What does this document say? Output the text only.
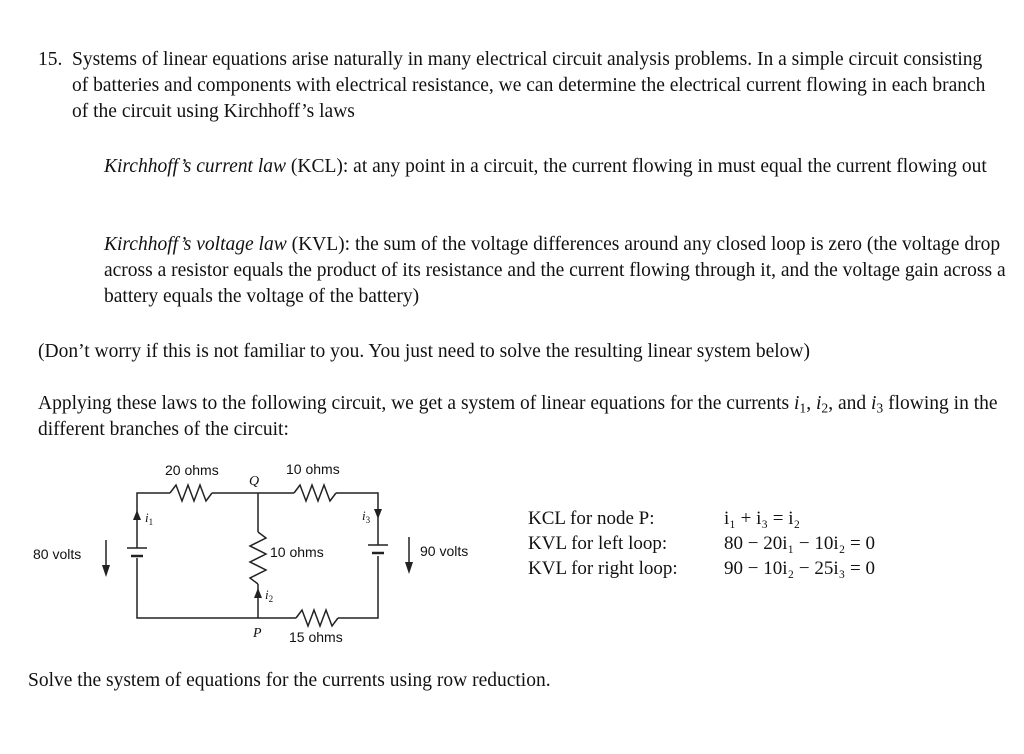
15. Systems of linear equations arise naturally in many electrical circuit analysis problems. In a simple circuit consisting of batteries and components with electrical resistance, we can determine the electrical current flowing in each branch of the circuit using Kirchhoff’s laws

Kirchhoff’s current law (KCL): at any point in a circuit, the current flowing in must equal the current flowing out

Kirchhoff’s voltage law (KVL): the sum of the voltage differences around any closed loop is zero (the voltage drop across a resistor equals the product of its resistance and the current flowing through it, and the voltage gain across a battery equals the voltage of the battery)

(Don’t worry if this is not familiar to you. You just need to solve the resulting linear system below)

Applying these laws to the following circuit, we get a system of linear equations for the currents $i_1$, $i_2$, and $i_3$ flowing in the different branches of the circuit:

20 ohms	10 ohms
10 ohms
15 ohms
80 volts	90 volts
Q
P
$i_1$	$i_3$
$i_2$
KCL for node P:	i₁ + i₃ = i₂
KVL for left loop:	80 − 20i₁ − 10i₂ = 0
KVL for right loop: 90 − 10i₂ − 25i₃ = 0

Solve the system of equations for the currents using row reduction.
